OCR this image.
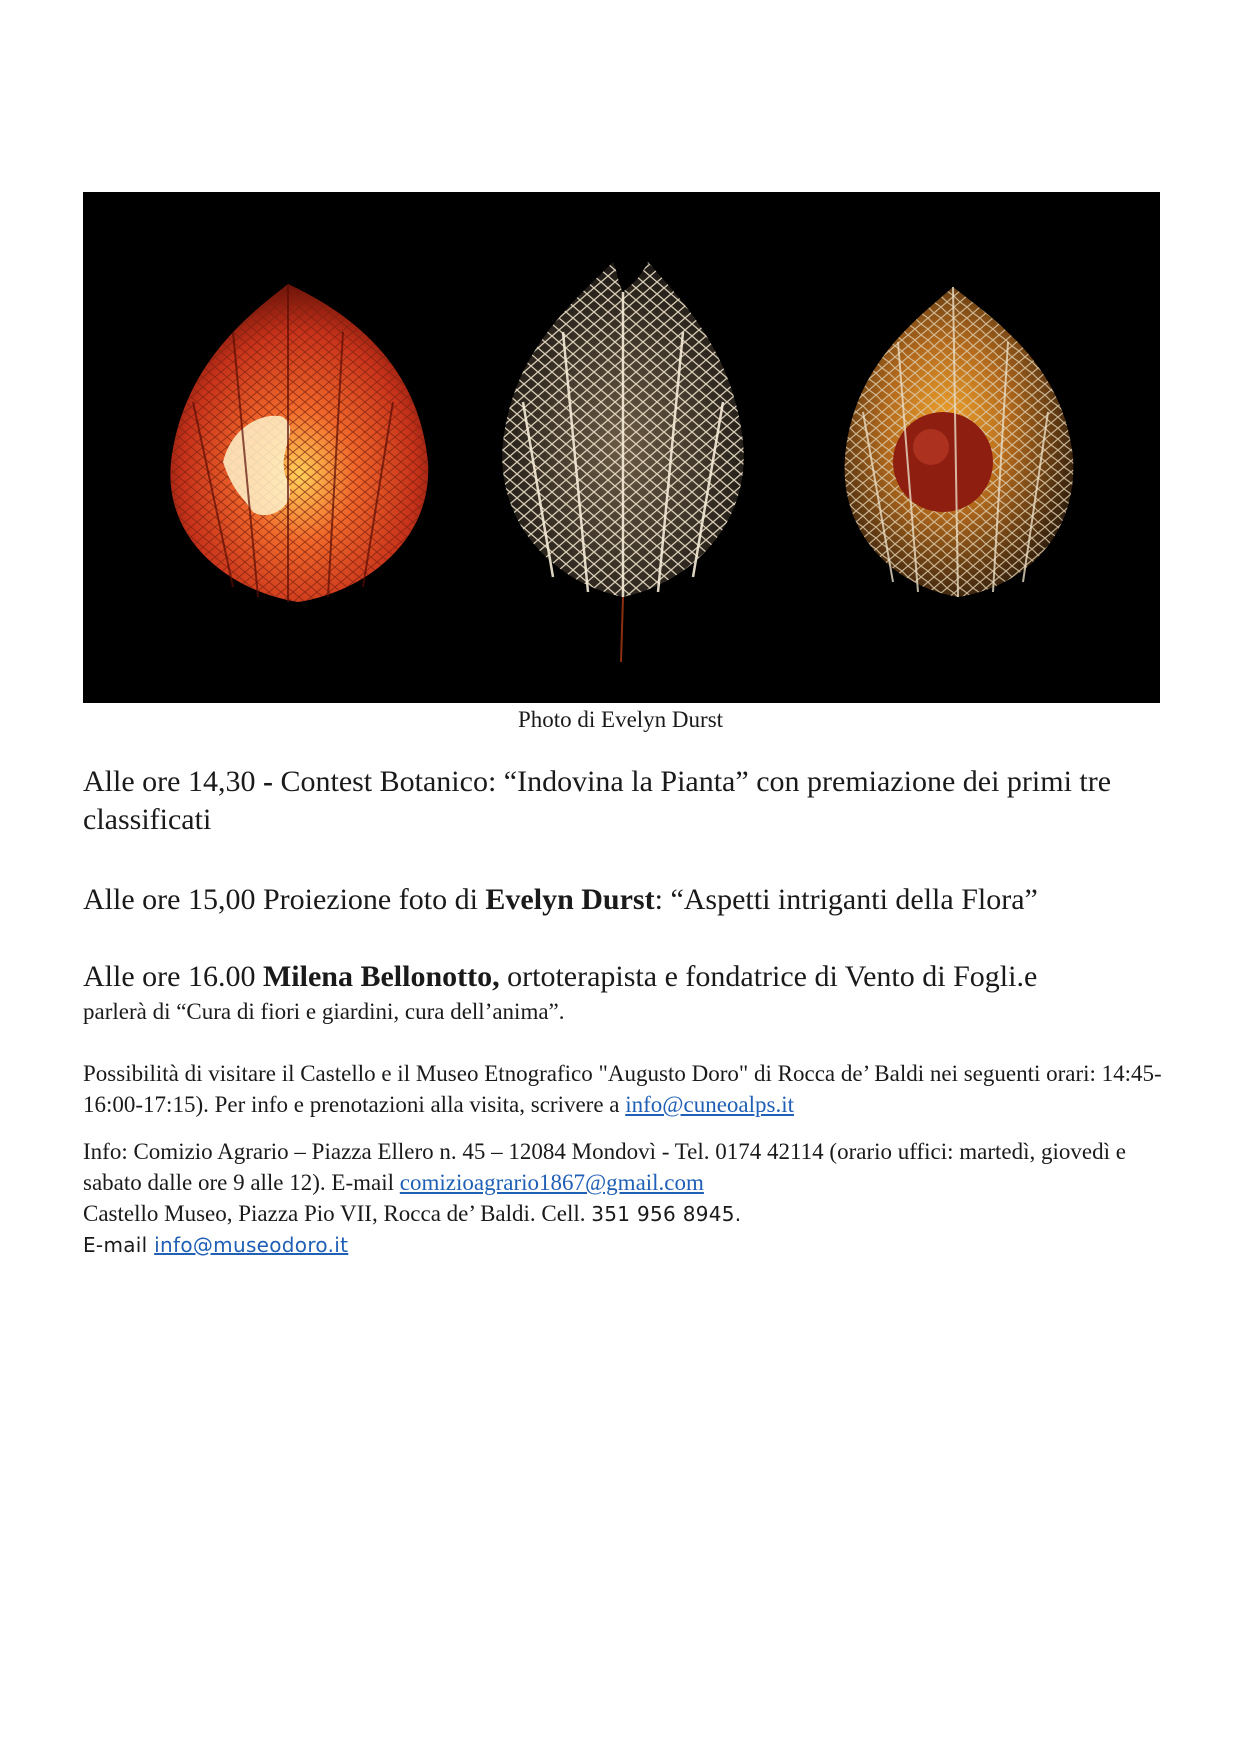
Photo di Evelyn Durst
Alle ore 14,30 - Contest Botanico: “Indovina la Pianta” con premiazione dei primi tre classificati
Alle ore 15,00 Proiezione foto di Evelyn Durst: “Aspetti intriganti della Flora”
Alle ore 16.00 Milena Bellonotto, ortoterapista e fondatrice di Vento di Fogli.e
parlerà di “Cura di fiori e giardini, cura dell’anima”.
Possibilità di visitare il Castello e il Museo Etnografico "Augusto Doro" di Rocca de’ Baldi nei seguenti orari: 14:45-16:00-17:15). Per info e prenotazioni alla visita, scrivere a info@cuneoalps.it
Info: Comizio Agrario – Piazza Ellero n. 45 – 12084 Mondovì - Tel. 0174 42114 (orario uffici: martedì, giovedì e sabato dalle ore 9 alle 12). E-mail comizioagrario1867@gmail.com
Castello Museo, Piazza Pio VII, Rocca de’ Baldi. Cell. 351 956 8945.
E-mail info@museodoro.it
